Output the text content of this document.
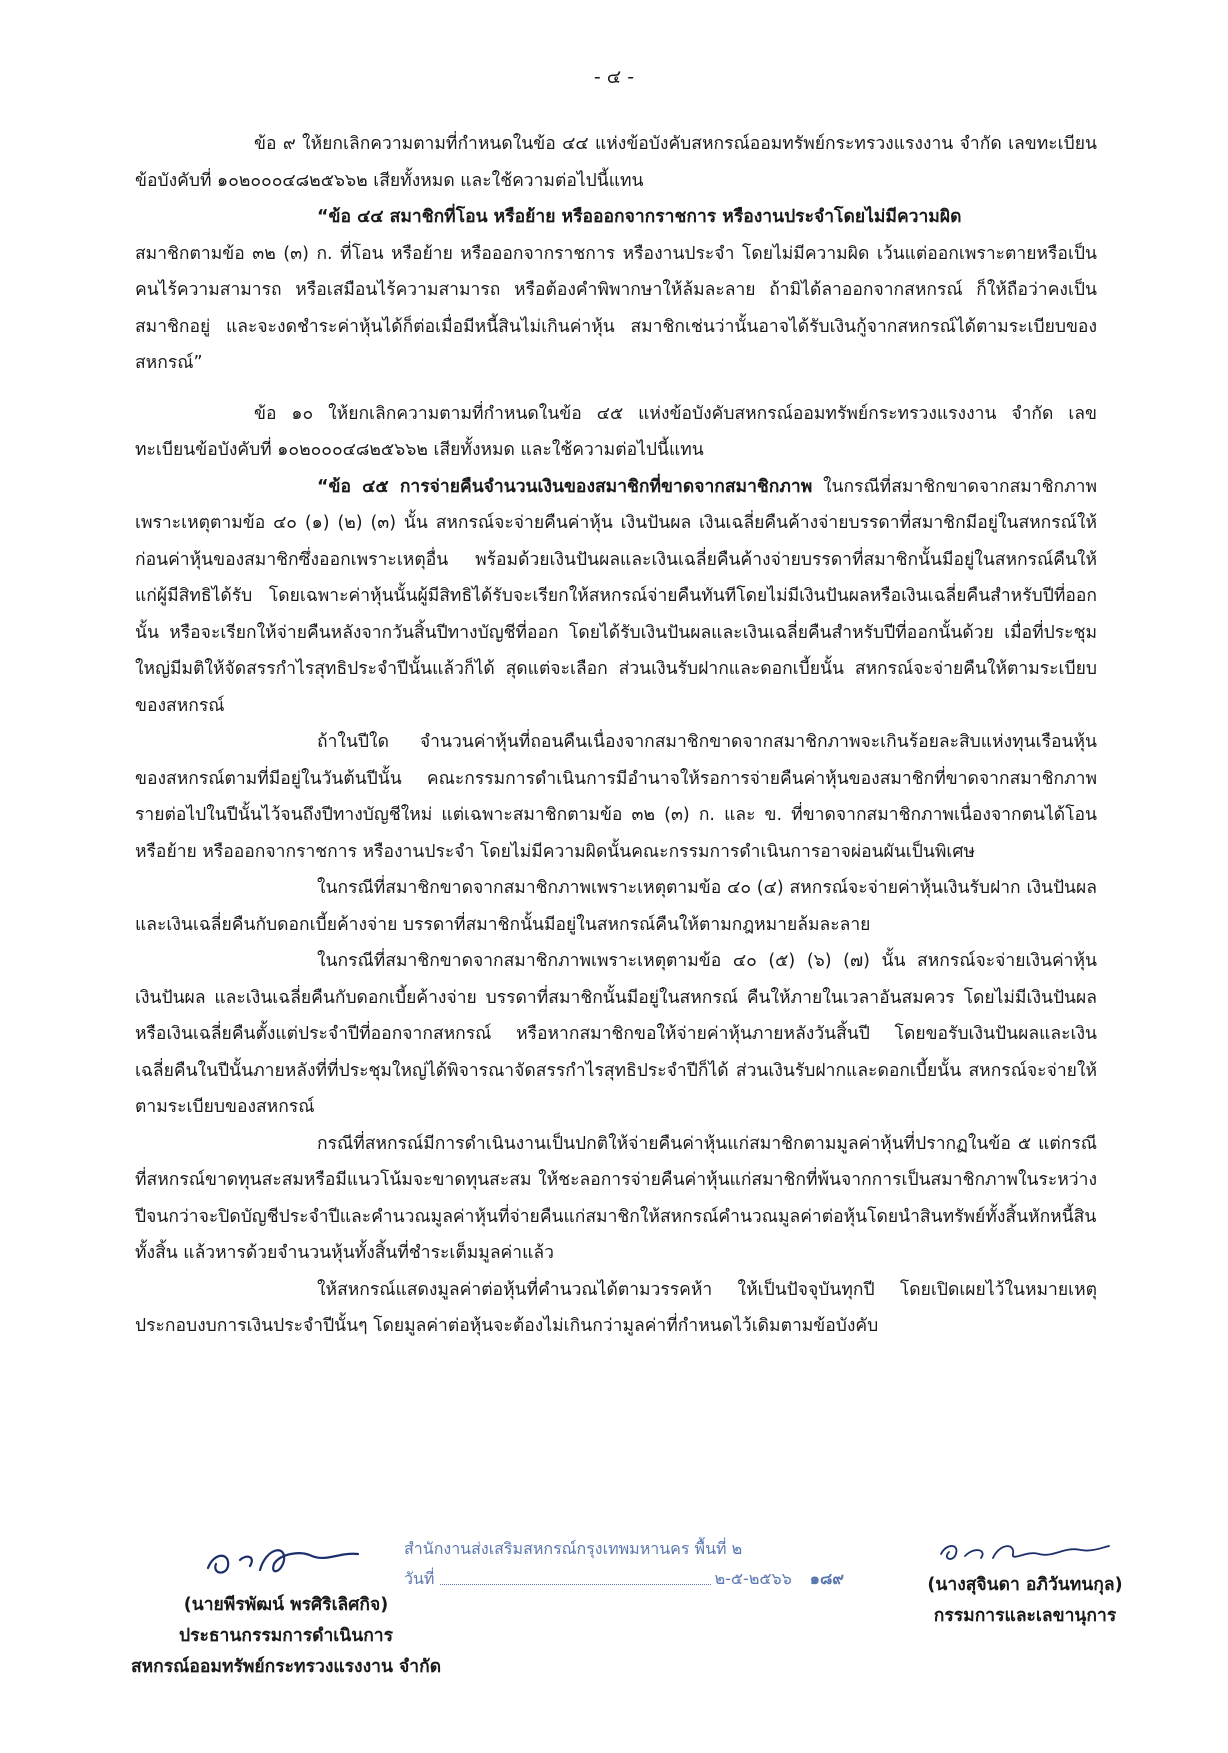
- ๔ -

ข้อ ๙ ให้ยกเลิกความตามที่กำหนดในข้อ ๔๔ แห่งข้อบังคับสหกรณ์ออมทรัพย์กระทรวงแรงงาน จำกัด เลขทะเบียนข้อบังคับที่ ๑๐๒๐๐๐๔๘๒๕๖๖๒ เสียทั้งหมด และใช้ความต่อไปนี้แทน

“ข้อ ๔๔ สมาชิกที่โอน หรือย้าย หรือออกจากราชการ หรืองานประจำโดยไม่มีความผิด

สมาชิกตามข้อ ๓๒ (๓) ก. ที่โอน หรือย้าย หรือออกจากราชการ หรืองานประจำ โดยไม่มีความผิด เว้นแต่ออกเพราะตายหรือเป็นคนไร้ความสามารถ หรือเสมือนไร้ความสามารถ หรือต้องคำพิพากษาให้ล้มละลาย ถ้ามิได้ลาออกจากสหกรณ์ ก็ให้ถือว่าคงเป็นสมาชิกอยู่ และจะงดชำระค่าหุ้นได้ก็ต่อเมื่อมีหนี้สินไม่เกินค่าหุ้น สมาชิกเช่นว่านั้นอาจได้รับเงินกู้จากสหกรณ์ได้ตามระเบียบของสหกรณ์”

ข้อ ๑๐ ให้ยกเลิกความตามที่กำหนดในข้อ ๔๕ แห่งข้อบังคับสหกรณ์ออมทรัพย์กระทรวงแรงงาน จำกัด เลขทะเบียนข้อบังคับที่ ๑๐๒๐๐๐๔๘๒๕๖๖๒ เสียทั้งหมด และใช้ความต่อไปนี้แทน

“ข้อ ๔๕ การจ่ายคืนจำนวนเงินของสมาชิกที่ขาดจากสมาชิกภาพ ในกรณีที่สมาชิกขาดจากสมาชิกภาพเพราะเหตุตามข้อ ๔๐ (๑) (๒) (๓) นั้น สหกรณ์จะจ่ายคืนค่าหุ้น เงินปันผล เงินเฉลี่ยคืนค้างจ่ายบรรดาที่สมาชิกมีอยู่ในสหกรณ์ให้ก่อนค่าหุ้นของสมาชิกซึ่งออกเพราะเหตุอื่น พร้อมด้วยเงินปันผลและเงินเฉลี่ยคืนค้างจ่ายบรรดาที่สมาชิกนั้นมีอยู่ในสหกรณ์คืนให้แก่ผู้มีสิทธิได้รับ โดยเฉพาะค่าหุ้นนั้นผู้มีสิทธิได้รับจะเรียกให้สหกรณ์จ่ายคืนทันทีโดยไม่มีเงินปันผลหรือเงินเฉลี่ยคืนสำหรับปีที่ออกนั้น หรือจะเรียกให้จ่ายคืนหลังจากวันสิ้นปีทางบัญชีที่ออก โดยได้รับเงินปันผลและเงินเฉลี่ยคืนสำหรับปีที่ออกนั้นด้วย เมื่อที่ประชุมใหญ่มีมติให้จัดสรรกำไรสุทธิประจำปีนั้นแล้วก็ได้ สุดแต่จะเลือก ส่วนเงินรับฝากและดอกเบี้ยนั้น สหกรณ์จะจ่ายคืนให้ตามระเบียบของสหกรณ์

ถ้าในปีใด จำนวนค่าหุ้นที่ถอนคืนเนื่องจากสมาชิกขาดจากสมาชิกภาพจะเกินร้อยละสิบแห่งทุนเรือนหุ้นของสหกรณ์ตามที่มีอยู่ในวันต้นปีนั้น คณะกรรมการดำเนินการมีอำนาจให้รอการจ่ายคืนค่าหุ้นของสมาชิกที่ขาดจากสมาชิกภาพรายต่อไปในปีนั้นไว้จนถึงปีทางบัญชีใหม่ แต่เฉพาะสมาชิกตามข้อ ๓๒ (๓) ก. และ ข. ที่ขาดจากสมาชิกภาพเนื่องจากตนได้โอน หรือย้าย หรือออกจากราชการ หรืองานประจำ โดยไม่มีความผิดนั้นคณะกรรมการดำเนินการอาจผ่อนผันเป็นพิเศษ

ในกรณีที่สมาชิกขาดจากสมาชิกภาพเพราะเหตุตามข้อ ๔๐ (๔) สหกรณ์จะจ่ายค่าหุ้นเงินรับฝาก เงินปันผลและเงินเฉลี่ยคืนกับดอกเบี้ยค้างจ่าย บรรดาที่สมาชิกนั้นมีอยู่ในสหกรณ์คืนให้ตามกฎหมายล้มละลาย

ในกรณีที่สมาชิกขาดจากสมาชิกภาพเพราะเหตุตามข้อ ๔๐ (๕) (๖) (๗) นั้น สหกรณ์จะจ่ายเงินค่าหุ้น เงินปันผล และเงินเฉลี่ยคืนกับดอกเบี้ยค้างจ่าย บรรดาที่สมาชิกนั้นมีอยู่ในสหกรณ์ คืนให้ภายในเวลาอันสมควร โดยไม่มีเงินปันผลหรือเงินเฉลี่ยคืนตั้งแต่ประจำปีที่ออกจากสหกรณ์ หรือหากสมาชิกขอให้จ่ายค่าหุ้นภายหลังวันสิ้นปี โดยขอรับเงินปันผลและเงินเฉลี่ยคืนในปีนั้นภายหลังที่ที่ประชุมใหญ่ได้พิจารณาจัดสรรกำไรสุทธิประจำปีก็ได้ ส่วนเงินรับฝากและดอกเบี้ยนั้น สหกรณ์จะจ่ายให้ตามระเบียบของสหกรณ์

กรณีที่สหกรณ์มีการดำเนินงานเป็นปกติให้จ่ายคืนค่าหุ้นแก่สมาชิกตามมูลค่าหุ้นที่ปรากฏในข้อ ๕ แต่กรณีที่สหกรณ์ขาดทุนสะสมหรือมีแนวโน้มจะขาดทุนสะสม ให้ชะลอการจ่ายคืนค่าหุ้นแก่สมาชิกที่พ้นจากการเป็นสมาชิกภาพในระหว่างปีจนกว่าจะปิดบัญชีประจำปีและคำนวณมูลค่าหุ้นที่จ่ายคืนแก่สมาชิกให้สหกรณ์คำนวณมูลค่าต่อหุ้นโดยนำสินทรัพย์ทั้งสิ้นหักหนี้สินทั้งสิ้น แล้วหารด้วยจำนวนหุ้นทั้งสิ้นที่ชำระเต็มมูลค่าแล้ว

ให้สหกรณ์แสดงมูลค่าต่อหุ้นที่คำนวณได้ตามวรรคห้า ให้เป็นปัจจุบันทุกปี โดยเปิดเผยไว้ในหมายเหตุประกอบงบการเงินประจำปีนั้นๆ โดยมูลค่าต่อหุ้นจะต้องไม่เกินกว่ามูลค่าที่กำหนดไว้เดิมตามข้อบังคับ

สำนักงานส่งเสริมสหกรณ์กรุงเทพมหานคร พื้นที่ ๒
วันที่	๒-๕-๒๕๖๖ ๑๘๙
(นายพีรพัฒน์ พรศิริเลิศกิจ)
ประธานกรรมการดำเนินการ
สหกรณ์ออมทรัพย์กระทรวงแรงงาน จำกัด
(นางสุจินดา อภิวันทนกุล)
กรรมการและเลขานุการ
